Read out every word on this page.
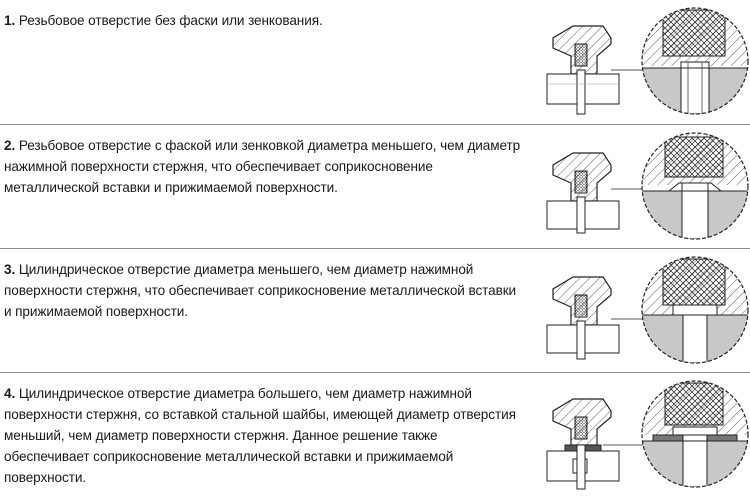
1. Резьбовое отверстие без фаски или зенкования.
2. Резьбовое отверстие с фаской или зенковкой диаметра меньшего, чем диаметр нажимной поверхности стержня, что обеспечивает соприкосновение металлической вставки и прижимаемой поверхности.
3. Цилиндрическое отверстие диаметра меньшего, чем диаметр нажимной поверхности стержня, что обеспечивает соприкосновение металлической вставки и прижимаемой поверхности.
4. Цилиндрическое отверстие диаметра большего, чем диаметр нажимной поверхности стержня, со вставкой стальной шайбы, имеющей диаметр отверстия меньший, чем диаметр поверхности стержня. Данное решение также обеспечивает соприкосновение металлической вставки и прижимаемой поверхности.
